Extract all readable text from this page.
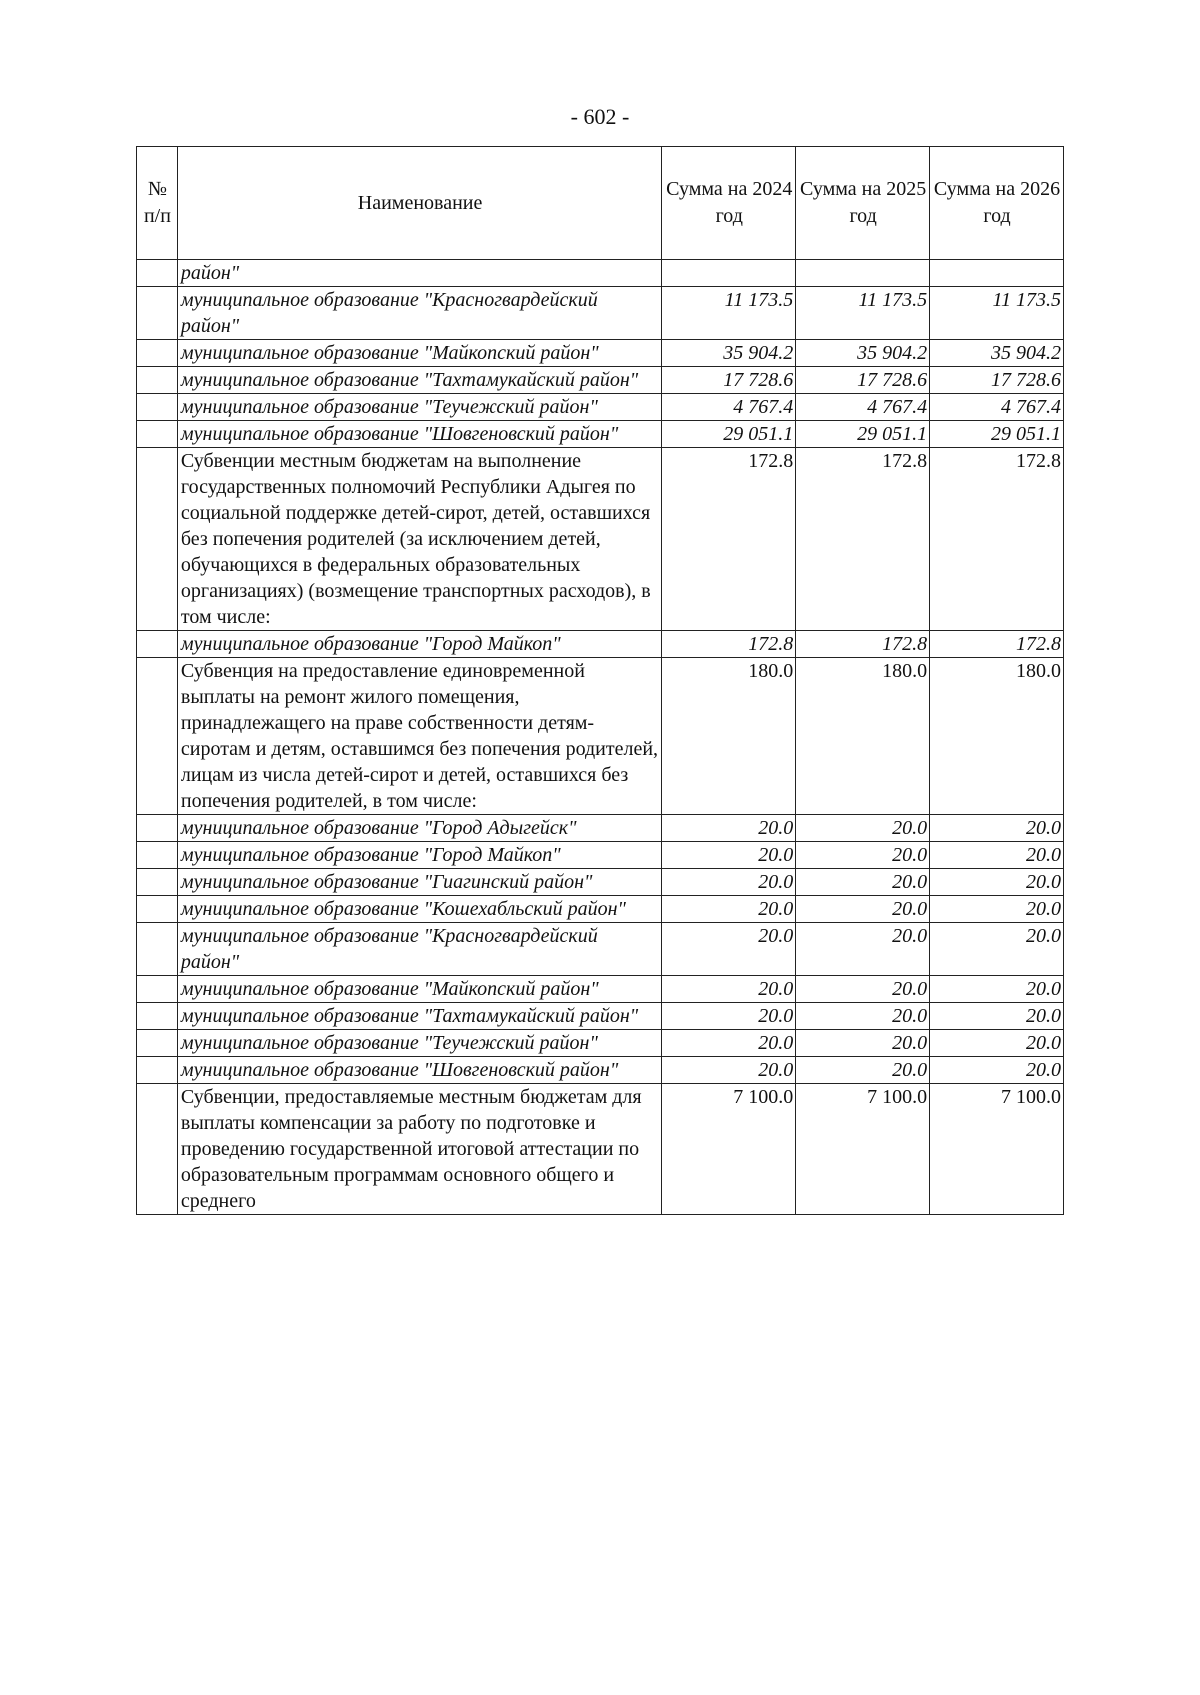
- 602 -
№ п/п	Наименование	Сумма на 2024 год	Сумма на 2025 год	Сумма на 2026 год
	район"			
	муниципальное образование "Красногвардейский район"	11 173.5	11 173.5	11 173.5
	муниципальное образование "Майкопский район"	35 904.2	35 904.2	35 904.2
	муниципальное образование "Тахтамукайский район"	17 728.6	17 728.6	17 728.6
	муниципальное образование "Теучежский район"	4 767.4	4 767.4	4 767.4
	муниципальное образование "Шовгеновский район"	29 051.1	29 051.1	29 051.1
	Субвенции местным бюджетам на выполнение государственных полномочий Республики Адыгея по социальной поддержке детей-сирот, детей, оставшихся без попечения родителей (за исключением детей, обучающихся в федеральных образовательных организациях) (возмещение транспортных расходов), в том числе:	172.8	172.8	172.8
	муниципальное образование "Город Майкоп"	172.8	172.8	172.8
	Субвенция на предоставление единовременной выплаты на ремонт жилого помещения, принадлежащего на праве собственности детям-сиротам и детям, оставшимся без попечения родителей, лицам из числа детей-сирот и детей, оставшихся без попечения родителей, в том числе:	180.0	180.0	180.0
	муниципальное образование "Город Адыгейск"	20.0	20.0	20.0
	муниципальное образование "Город Майкоп"	20.0	20.0	20.0
	муниципальное образование "Гиагинский район"	20.0	20.0	20.0
	муниципальное образование "Кошехабльский район"	20.0	20.0	20.0
	муниципальное образование "Красногвардейский район"	20.0	20.0	20.0
	муниципальное образование "Майкопский район"	20.0	20.0	20.0
	муниципальное образование "Тахтамукайский район"	20.0	20.0	20.0
	муниципальное образование "Теучежский район"	20.0	20.0	20.0
	муниципальное образование "Шовгеновский район"	20.0	20.0	20.0
	Субвенции, предоставляемые местным бюджетам для выплаты компенсации за работу по подготовке и проведению государственной итоговой аттестации по образовательным программам основного общего и среднего	7 100.0	7 100.0	7 100.0
